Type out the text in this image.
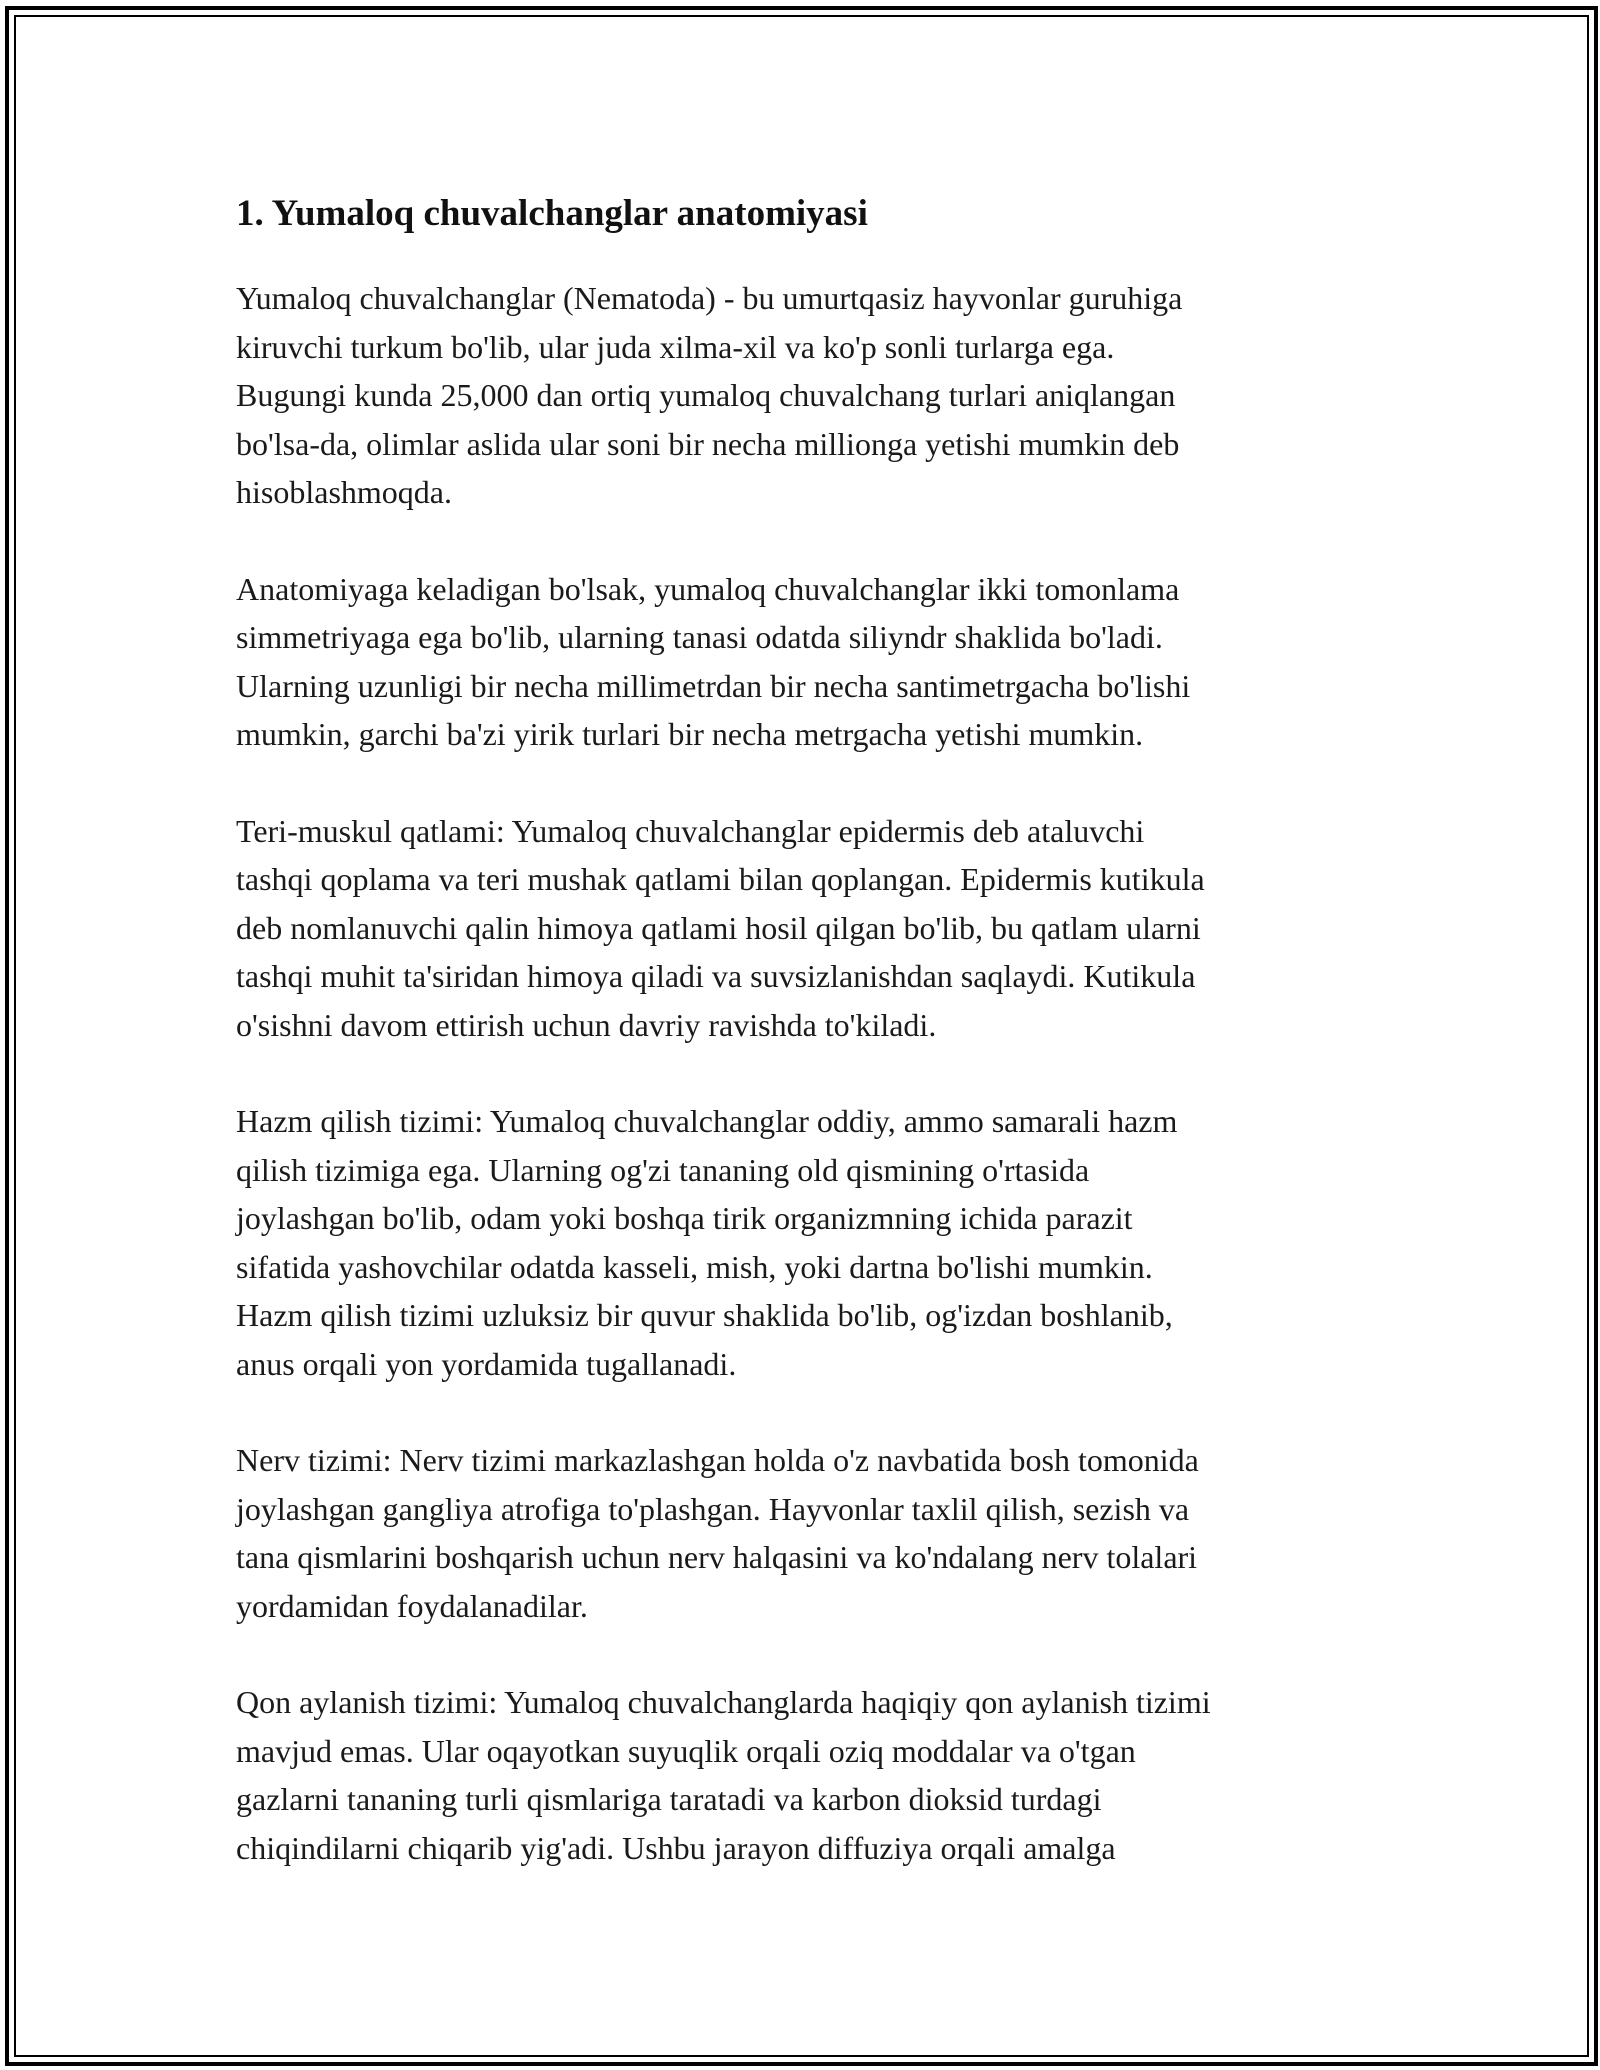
1. Yumaloq chuvalchanglar anatomiyasi

Yumaloq chuvalchanglar (Nematoda) - bu umurtqasiz hayvonlar guruhiga
kiruvchi turkum bo'lib, ular juda xilma-xil va ko'p sonli turlarga ega.
Bugungi kunda 25,000 dan ortiq yumaloq chuvalchang turlari aniqlangan
bo'lsa-da, olimlar aslida ular soni bir necha millionga yetishi mumkin deb
hisoblashmoqda.

Anatomiyaga keladigan bo'lsak, yumaloq chuvalchanglar ikki tomonlama
simmetriyaga ega bo'lib, ularning tanasi odatda siliyndr shaklida bo'ladi.
Ularning uzunligi bir necha millimetrdan bir necha santimetrgacha bo'lishi
mumkin, garchi ba'zi yirik turlari bir necha metrgacha yetishi mumkin.

Teri-muskul qatlami: Yumaloq chuvalchanglar epidermis deb ataluvchi
tashqi qoplama va teri mushak qatlami bilan qoplangan. Epidermis kutikula
deb nomlanuvchi qalin himoya qatlami hosil qilgan bo'lib, bu qatlam ularni
tashqi muhit ta'siridan himoya qiladi va suvsizlanishdan saqlaydi. Kutikula
o'sishni davom ettirish uchun davriy ravishda to'kiladi.

Hazm qilish tizimi: Yumaloq chuvalchanglar oddiy, ammo samarali hazm
qilish tizimiga ega. Ularning og'zi tananing old qismining o'rtasida
joylashgan bo'lib, odam yoki boshqa tirik organizmning ichida parazit
sifatida yashovchilar odatda kasseli, mish, yoki dartna bo'lishi mumkin.
Hazm qilish tizimi uzluksiz bir quvur shaklida bo'lib, og'izdan boshlanib,
anus orqali yon yordamida tugallanadi.

Nerv tizimi: Nerv tizimi markazlashgan holda o'z navbatida bosh tomonida
joylashgan gangliya atrofiga to'plashgan. Hayvonlar taxlil qilish, sezish va
tana qismlarini boshqarish uchun nerv halqasini va ko'ndalang nerv tolalari
yordamidan foydalanadilar.

Qon aylanish tizimi: Yumaloq chuvalchanglarda haqiqiy qon aylanish tizimi
mavjud emas. Ular oqayotkan suyuqlik orqali oziq moddalar va o'tgan
gazlarni tananing turli qismlariga taratadi va karbon dioksid turdagi
chiqindilarni chiqarib yig'adi. Ushbu jarayon diffuziya orqali amalga
